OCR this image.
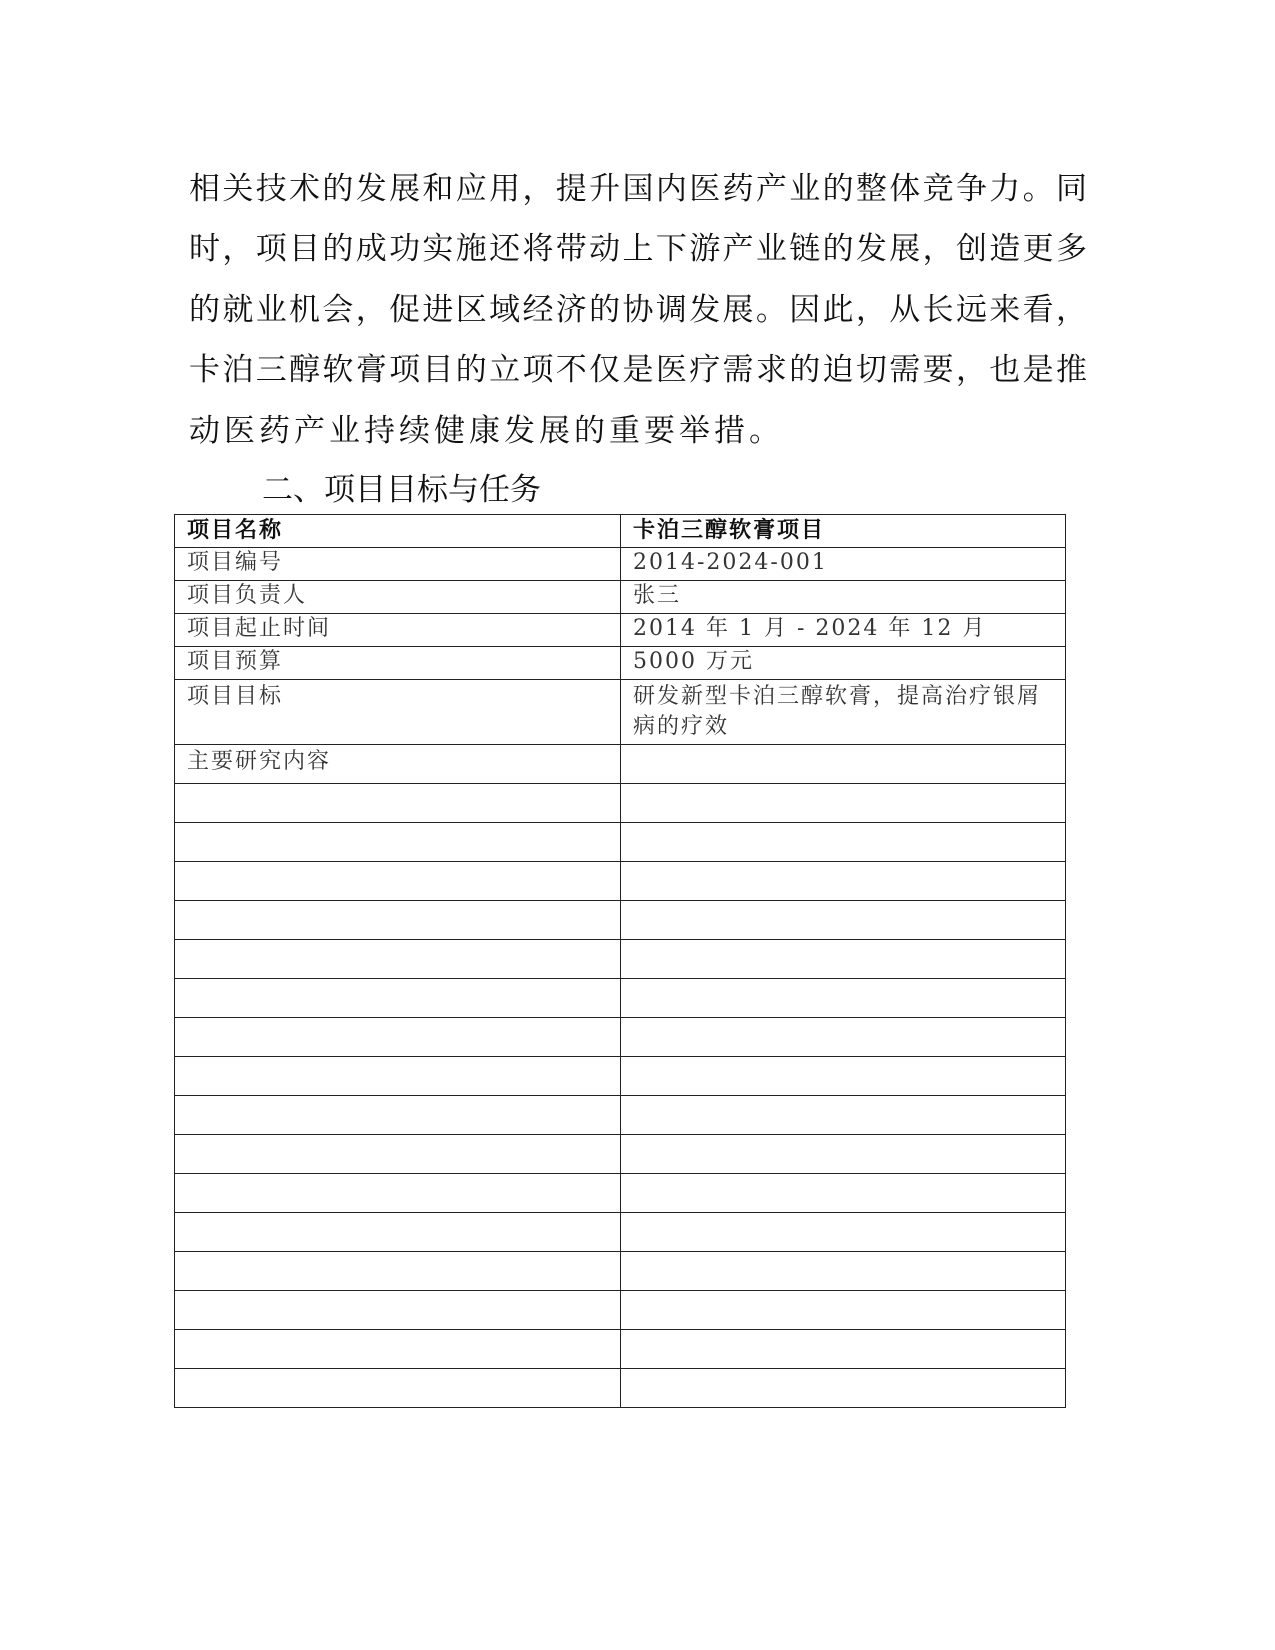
相关技术的发展和应用，提升国内医药产业的整体竞争力。同
时，项目的成功实施还将带动上下游产业链的发展，创造更多
的就业机会，促进区域经济的协调发展。因此，从长远来看，
卡泊三醇软膏项目的立项不仅是医疗需求的迫切需要，也是推
动医药产业持续健康发展的重要举措。
二、项目目标与任务
项目名称	卡泊三醇软膏项目
项目编号	2014-2024-001
项目负责人	张三
项目起止时间	2014 年 1 月 - 2024 年 12 月
项目预算	5000 万元
项目目标	研发新型卡泊三醇软膏，提高治疗银屑病的疗效
主要研究内容	
